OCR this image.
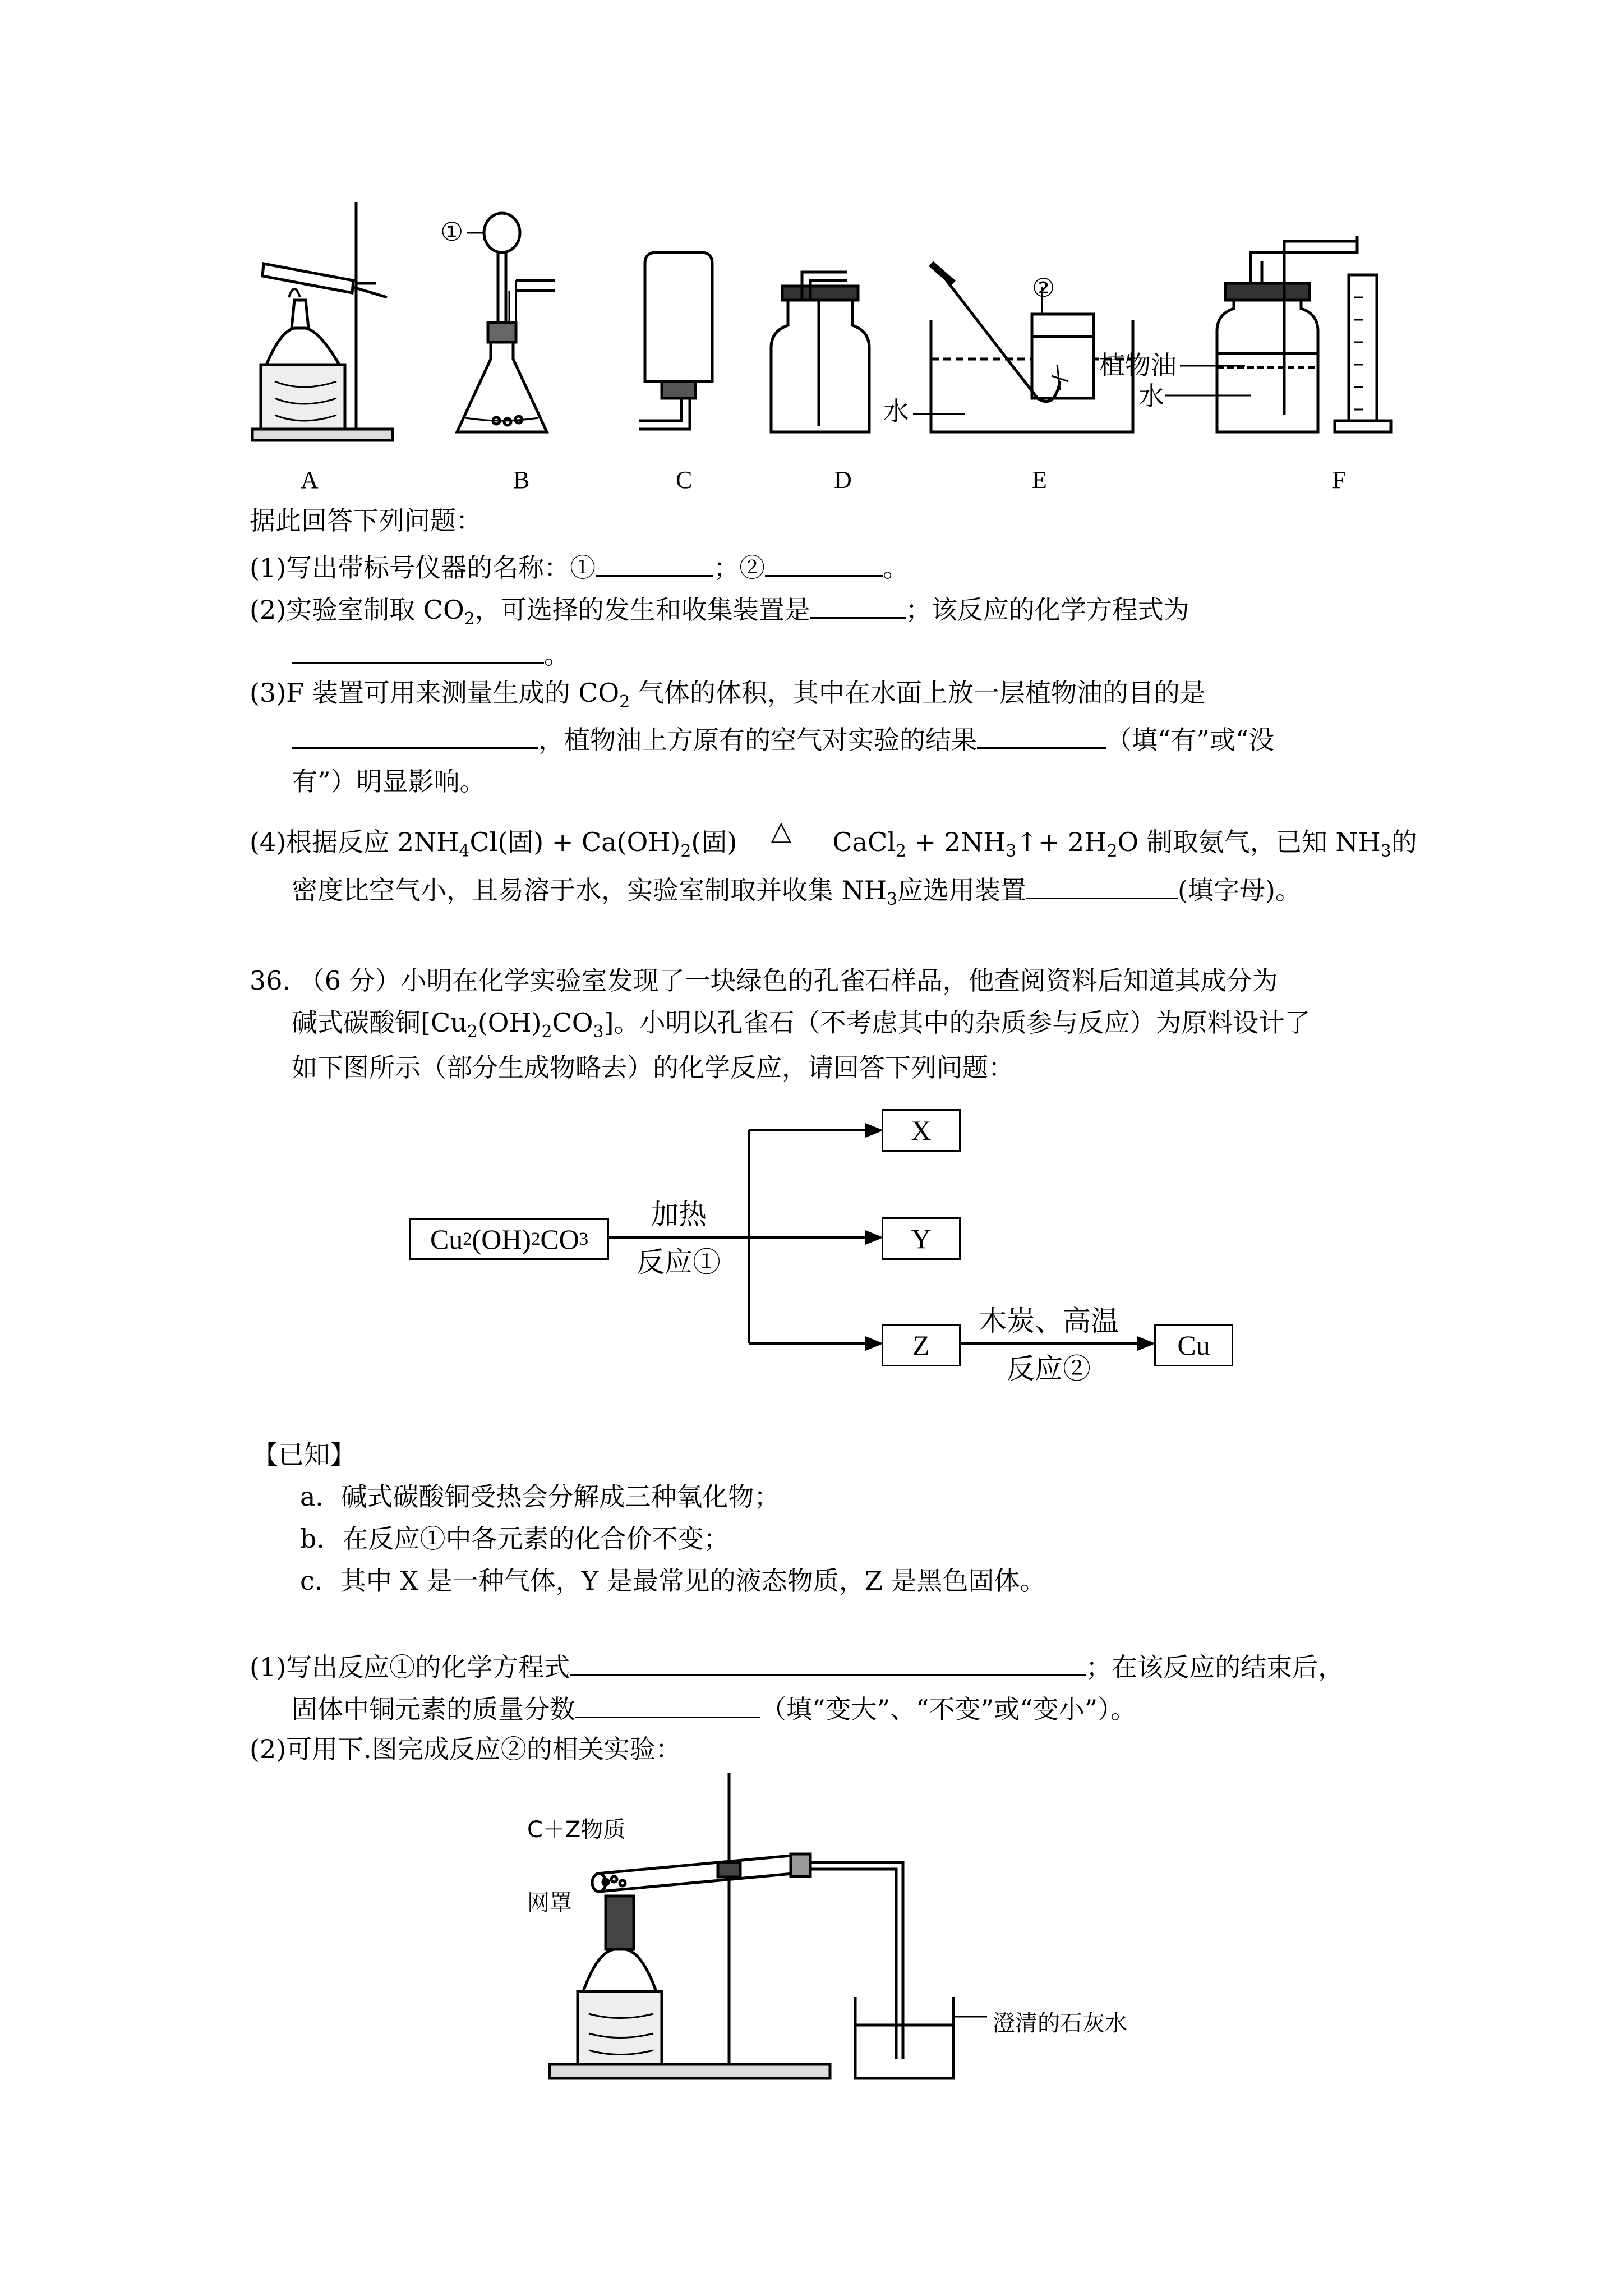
①
②
水
植物油
水
A	B	C	D	E	F
据此回答下列问题：
(1)写出带标号仪器的名称：①	；②	。
(2)实验室制取 $CO_2$，可选择的发生和收集装置是	；该反应的化学方程式为
。
(3)F 装置可用来测量生成的 $CO_2$ 气体的体积，其中在水面上放一层植物油的目的是
，植物油上方原有的空气对实验的结果	（填“有”或“没
有”）明显影响。
(4)根据反应 $2NH_4Cl$(固) + $Ca(OH)_2$(固) △ CaCl$_2$ + $2NH_3↑+ 2H_2O$ 制取氨气，已知 $NH_3$的
密度比空气小，且易溶于水，实验室制取并收集 $NH_3$应选用装置	(填字母)。
36. （6 分）小明在化学实验室发现了一块绿色的孔雀石样品，他查阅资料后知道其成分为
碱式碳酸铜$[Cu_2(OH)_2CO_3]$。小明以孔雀石（不考虑其中的杂质参与反应）为原料设计了
如下图所示（部分生成物略去）的化学反应，请回答下列问题：
Cu 2 (OH) 2 CO 3
加热
反应①
X
Y
Z
木炭、高温
反应②
Cu
【已知】
a．碱式碳酸铜受热会分解成三种氧化物；
b．在反应①中各元素的化合价不变；
c．其中 X 是一种气体，Y 是最常见的液态物质，Z 是黑色固体。
(1)写出反应①的化学方程式	；在该反应的结束后，
固体中铜元素的质量分数	（填“变大”、“不变”或“变小”）。
(2)可用下.图完成反应②的相关实验：
C＋Z物质
网罩
澄清的石灰水
